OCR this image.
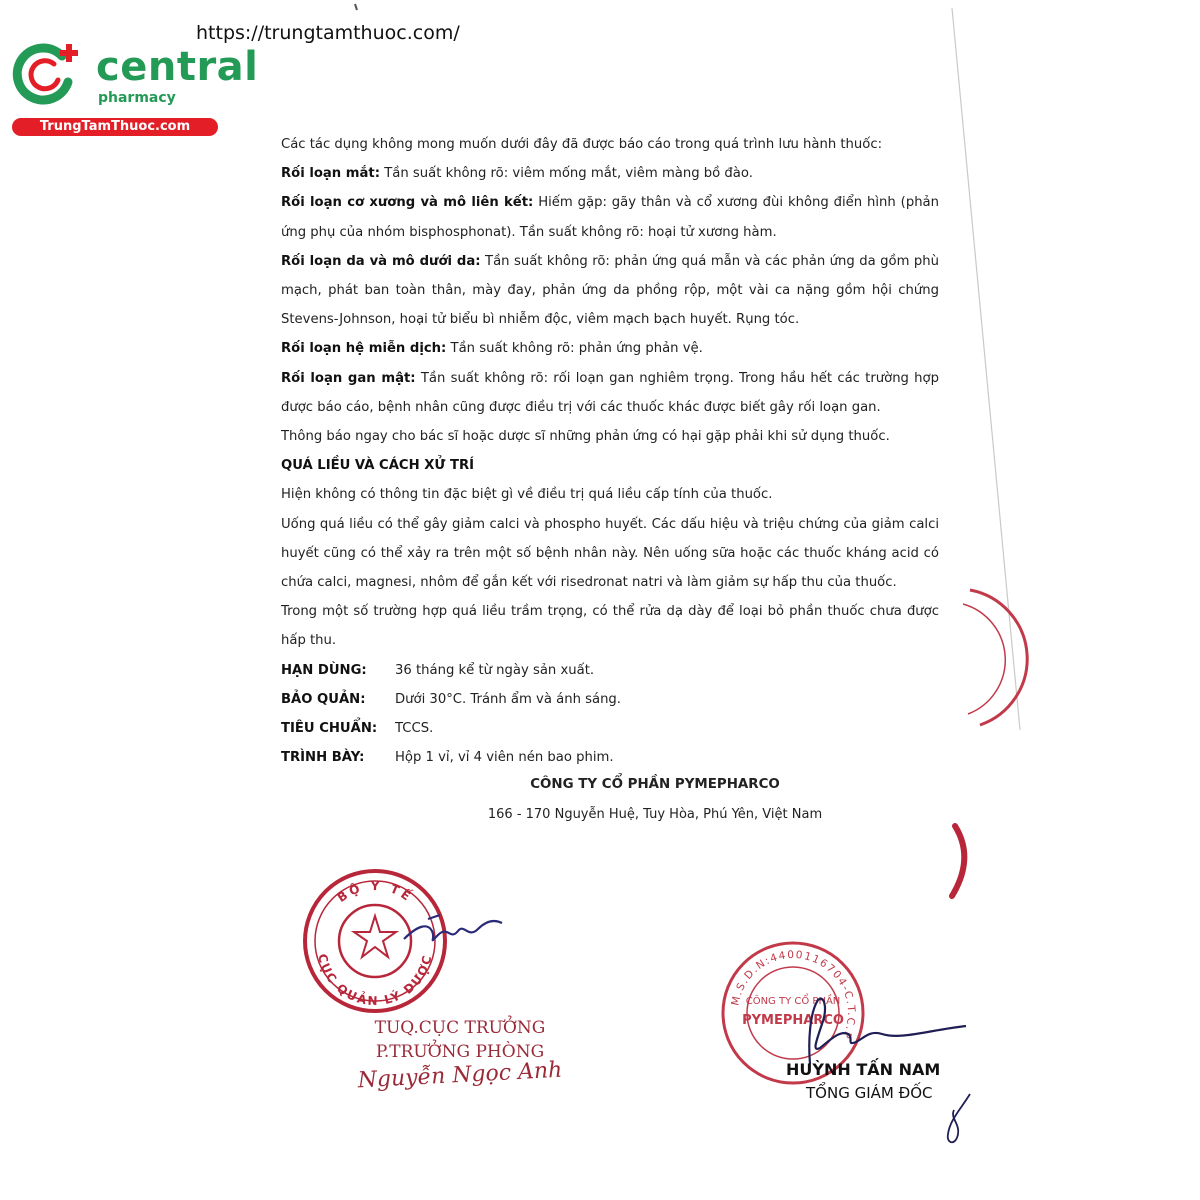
https://trungtamthuoc.com/
central
pharmacy
TrungTamThuoc.com

Các tác dụng không mong muốn dưới đây đã được báo cáo trong quá trình lưu hành thuốc:

Rối loạn mắt: Tần suất không rõ: viêm mống mắt, viêm màng bồ đào.

Rối loạn cơ xương và mô liên kết: Hiếm gặp: gãy thân và cổ xương đùi không điển hình (phản ứng phụ của nhóm bisphosphonat). Tần suất không rõ: hoại tử xương hàm.

Rối loạn da và mô dưới da: Tần suất không rõ: phản ứng quá mẫn và các phản ứng da gồm phù mạch, phát ban toàn thân, mày đay, phản ứng da phồng rộp, một vài ca nặng gồm hội chứng Stevens-Johnson, hoại tử biểu bì nhiễm độc, viêm mạch bạch huyết. Rụng tóc.

Rối loạn hệ miễn dịch: Tần suất không rõ: phản ứng phản vệ.

Rối loạn gan mật: Tần suất không rõ: rối loạn gan nghiêm trọng. Trong hầu hết các trường hợp được báo cáo, bệnh nhân cũng được điều trị với các thuốc khác được biết gây rối loạn gan.

Thông báo ngay cho bác sĩ hoặc dược sĩ những phản ứng có hại gặp phải khi sử dụng thuốc.

QUÁ LIỀU VÀ CÁCH XỬ TRÍ

Hiện không có thông tin đặc biệt gì về điều trị quá liều cấp tính của thuốc.

Uống quá liều có thể gây giảm calci và phospho huyết. Các dấu hiệu và triệu chứng của giảm calci huyết cũng có thể xảy ra trên một số bệnh nhân này. Nên uống sữa hoặc các thuốc kháng acid có chứa calci, magnesi, nhôm để gắn kết với risedronat natri và làm giảm sự hấp thu của thuốc.

Trong một số trường hợp quá liều trầm trọng, có thể rửa dạ dày để loại bỏ phần thuốc chưa được hấp thu.

HẠN DÙNG:	36 tháng kể từ ngày sản xuất.
BẢO QUẢN:	Dưới 30°C. Tránh ẩm và ánh sáng.
TIÊU CHUẨN:	TCCS.
TRÌNH BÀY:	Hộp 1 vỉ, vỉ 4 viên nén bao phim.
CÔNG TY CỔ PHẦN PYMEPHARCO
166 - 170 Nguyễn Huệ, Tuy Hòa, Phú Yên, Việt Nam
BỘ Y TẾ
CỤC QUẢN LÝ DƯỢC
TUQ.CỤC TRƯỞNG
P.TRƯỞNG PHÒNG
Nguyễn Ngọc Anh
M.S.D.N:4400116704-C.T.C.P
CÔNG TY CỔ PHẦN
PYMEPHARCO
HUỲNH TẤN NAM
TỔNG GIÁM ĐỐC
